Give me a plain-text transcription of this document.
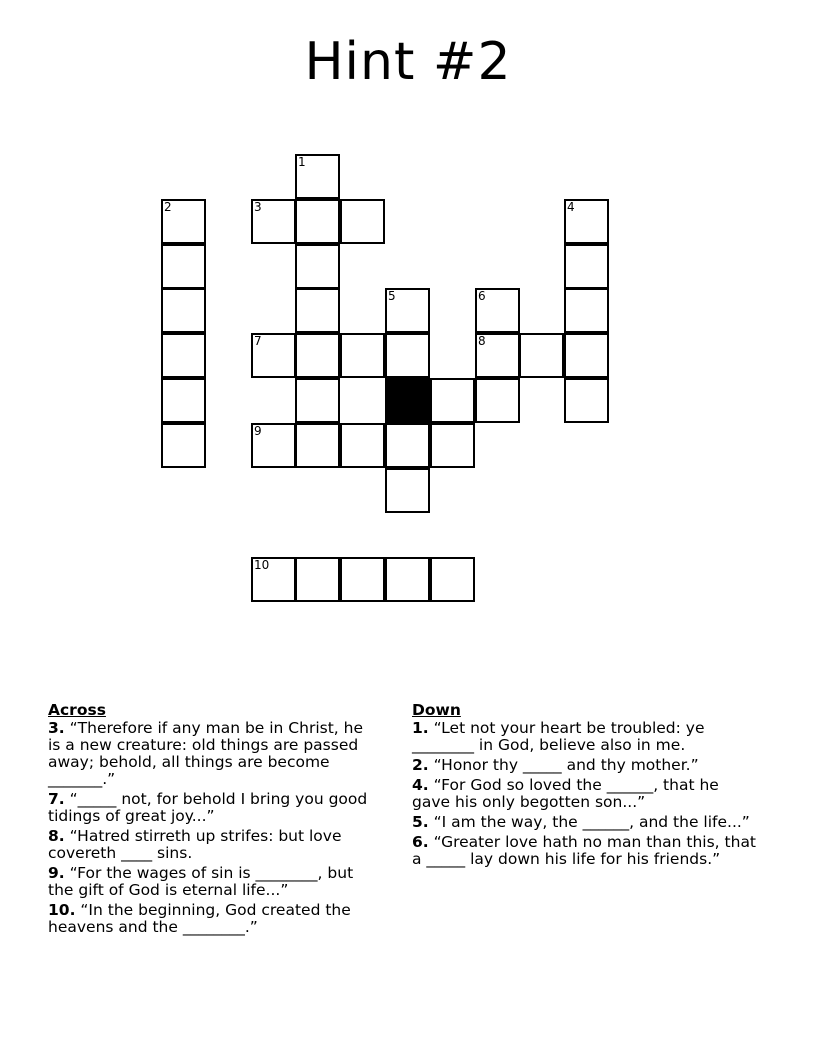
Hint #2
1
2	3	4
5	6
7	8
9
10
Across
3. “Therefore if any man be in Christ, he is a new creature: old things are passed away; behold, all things are become _______.”
7. “_____ not, for behold I bring you good tidings of great joy...”
8. “Hatred stirreth up strifes: but love covereth ____ sins.
9. “For the wages of sin is ________, but the gift of God is eternal life...”
10. “In the beginning, God created the heavens and the ________.”
Down
1. “Let not your heart be troubled: ye ________ in God, believe also in me.
2. “Honor thy _____ and thy mother.”
4. “For God so loved the ______, that he gave his only begotten son...”
5. “I am the way, the ______, and the life...”
6. “Greater love hath no man than this, that a _____ lay down his life for his friends.”
